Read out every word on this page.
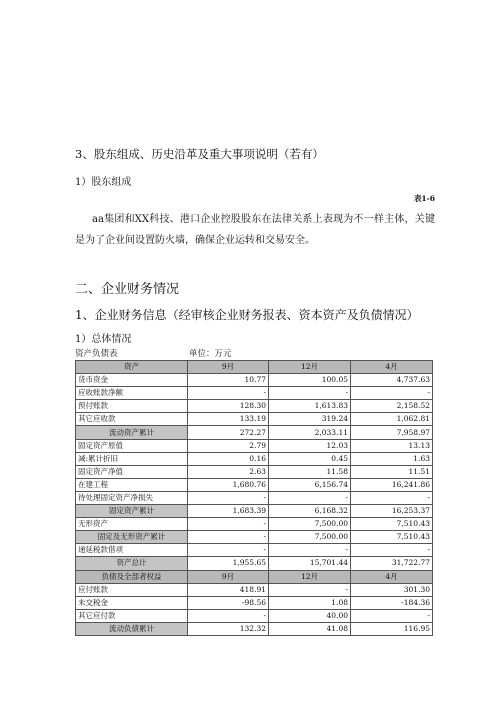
3、股东组成、历史沿革及重大事项说明（若有）
1）股东组成
表1-6
aa集团和XX科技、港口企业控股股东在法律关系上表现为不一样主体，关键是为了企业间设置防火墙，确保企业运转和交易安全。
二、企业财务情况
1、企业财务信息（经审核企业财务报表、资本资产及负债情况）
1）总体情况
资产负债表	单位：万元
资产	9月	12月	4月
货币资金	10.77	100.05	4,737.63
应收账款净额	-	-	-
预付账款	128.30	1,613.83	2,158.52
其它应收款	133.19	319.24	1,062.81
流动资产累计	272.27	2,033.11	7,958.97
固定资产原值	2.79	12.03	13.13
减:累计折旧	0.16	0.45	1.63
固定资产净值	2.63	11.58	11.51
在建工程	1,680.76	6,156.74	16,241.86
待处理固定资产净损失	-	-	-
固定资产累计	1,683.39	6,168.32	16,253.37
无形资产	-	7,500.00	7,510.43
固定及无形资产累计	-	7,500.00	7,510.43
递延税款借项	-	-	-
资产总计	1,955.65	15,701.44	31,722.77
负债及全部者权益	9月	12月	4月
应付账款	418.91	-	301.30
未交税金	-98.56	1.08	-184.36
其它应付款	-	40.00	-
流动负债累计	132.32	41.08	116.95
